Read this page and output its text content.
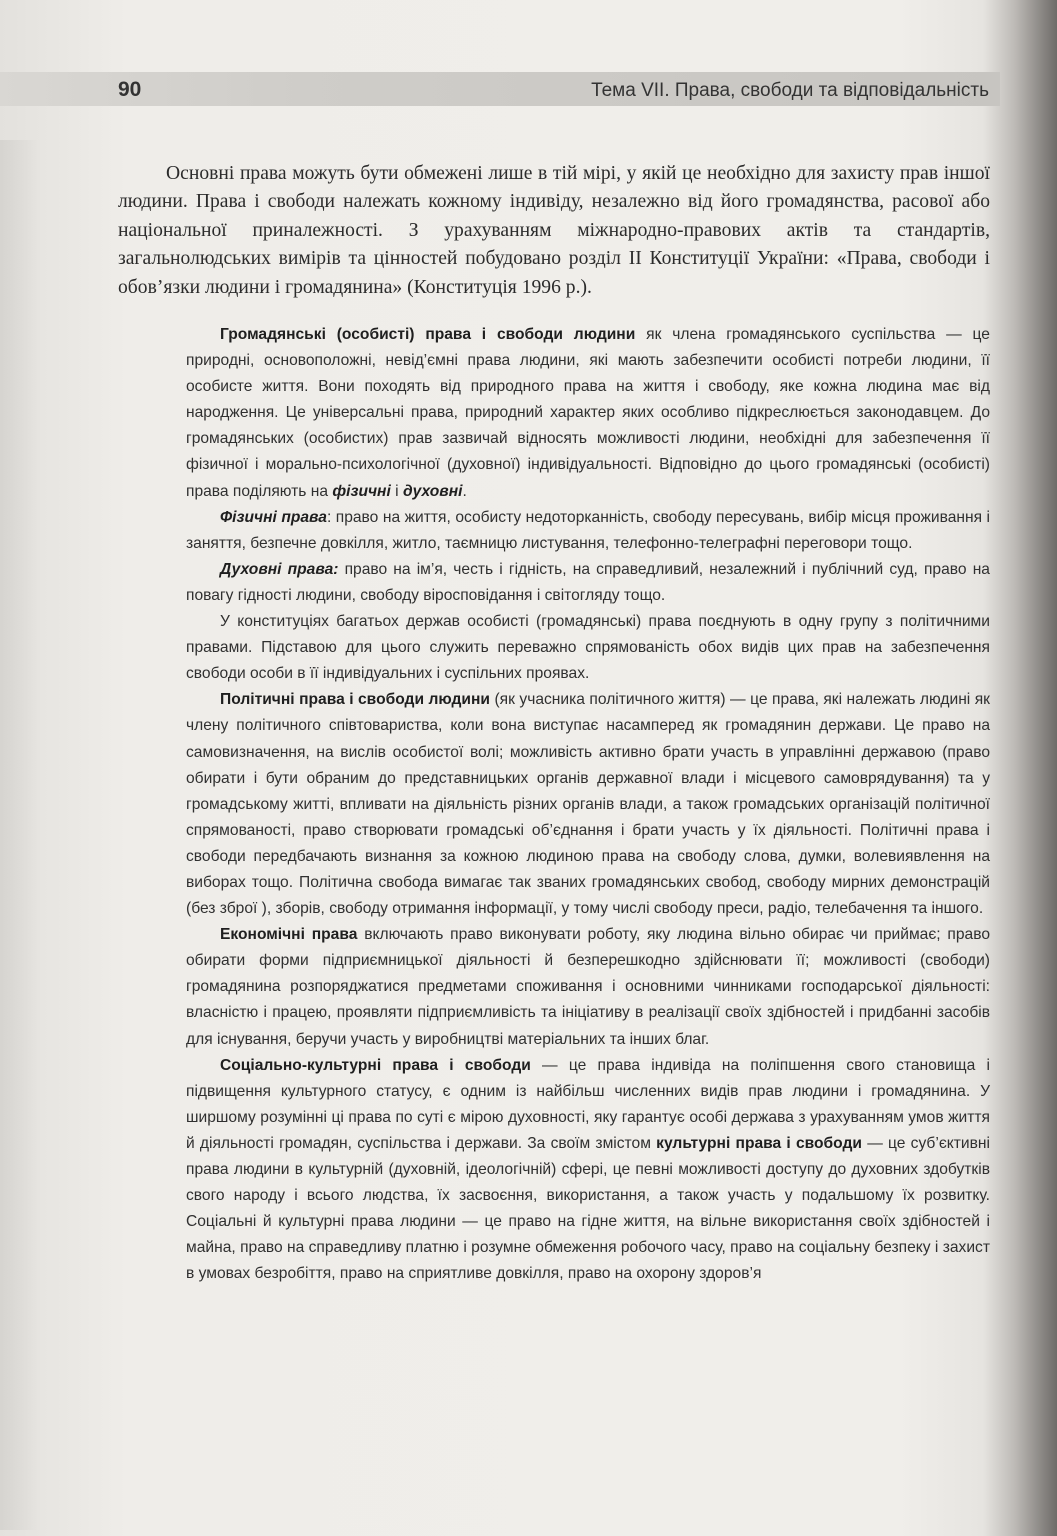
90	Тема VII. Права, свободи та відповідальність

Основні права можуть бути обмежені лише в тій мірі, у якій це необхідно для захисту прав іншої людини. Права і свободи належать кожному індивіду, незалежно від його громадянства, расової або національної приналежності. З урахуванням міжнародно-правових актів та стандартів, загальнолюдських вимірів та цінностей побудовано розділ II Конституції України: «Права, свободи і обов’язки людини і громадянина» (Конституція 1996 р.).

Громадянські (особисті) права і свободи людини як члена громадянського суспільства — це природні, основоположні, невід’ємні права людини, які мають забезпечити особисті потреби людини, її особисте життя. Вони походять від природного права на життя і свободу, яке кожна людина має від народження. Це універсальні права, природний характер яких особливо підкреслюється законодавцем. До громадянських (особистих) прав зазвичай відносять можливості людини, необхідні для забезпечення її фізичної і морально-психологічної (духовної) індивідуальності. Відповідно до цього громадянські (особисті) права поділяють на фізичні і духовні.

Фізичні права: право на життя, особисту недоторканність, свободу пересувань, вибір місця проживання і заняття, безпечне довкілля, житло, таємницю листування, телефонно-телеграфні переговори тощо.

Духовні права: право на ім’я, честь і гідність, на справедливий, незалежний і публічний суд, право на повагу гідності людини, свободу віросповідання і світогляду тощо.

У конституціях багатьох держав особисті (громадянські) права поєднують в одну групу з політичними правами. Підставою для цього служить переважно спрямованість обох видів цих прав на забезпечення свободи особи в її індивідуальних і суспільних проявах.

Політичні права і свободи людини (як учасника політичного життя) — це права, які належать людині як члену політичного співтовариства, коли вона виступає насамперед як громадянин держави. Це право на самовизначення, на вислів особистої волі; можливість активно брати участь в управлінні державою (право обирати і бути обраним до представницьких органів державної влади і місцевого самоврядування) та у громадському житті, впливати на діяльність різних органів влади, а також громадських організацій політичної спрямованості, право створювати громадські об’єднання і брати участь у їх діяльності. Політичні права і свободи передбачають визнання за кожною людиною права на свободу слова, думки, волевиявлення на виборах тощо. Політична свобода вимагає так званих громадянських свобод, свободу мирних демонстрацій (без зброї ), зборів, свободу отримання інформації, у тому числі свободу преси, радіо, телебачення та іншого.

Економічні права включають право виконувати роботу, яку людина вільно обирає чи приймає; право обирати форми підприємницької діяльності й безперешкодно здійснювати її; можливості (свободи) громадянина розпоряджатися предметами споживання і основними чинниками господарської діяльності: власністю і працею, проявляти підприємливість та ініціативу в реалізації своїх здібностей і придбанні засобів для існування, беручи участь у виробництві матеріальних та інших благ.

Соціально-культурні права і свободи — це права індивіда на поліпшення свого становища і підвищення культурного статусу, є одним із найбільш численних видів прав людини і громадянина. У ширшому розумінні ці права по суті є мірою духовності, яку гарантує особі держава з урахуванням умов життя й діяльності громадян, суспільства і держави. За своїм змістом культурні права і свободи — це суб’єктивні права людини в культурній (духовній, ідеологічній) сфері, це певні можливості доступу до духовних здобутків свого народу і всього людства, їх засвоєння, використання, а також участь у подальшому їх розвитку. Соціальні й культурні права людини — це право на гідне життя, на вільне використання своїх здібностей і майна, право на справедливу платню і розумне обмеження робочого часу, право на соціальну безпеку і захист в умовах безробіття, право на сприятливе довкілля, право на охорону здоров’я
